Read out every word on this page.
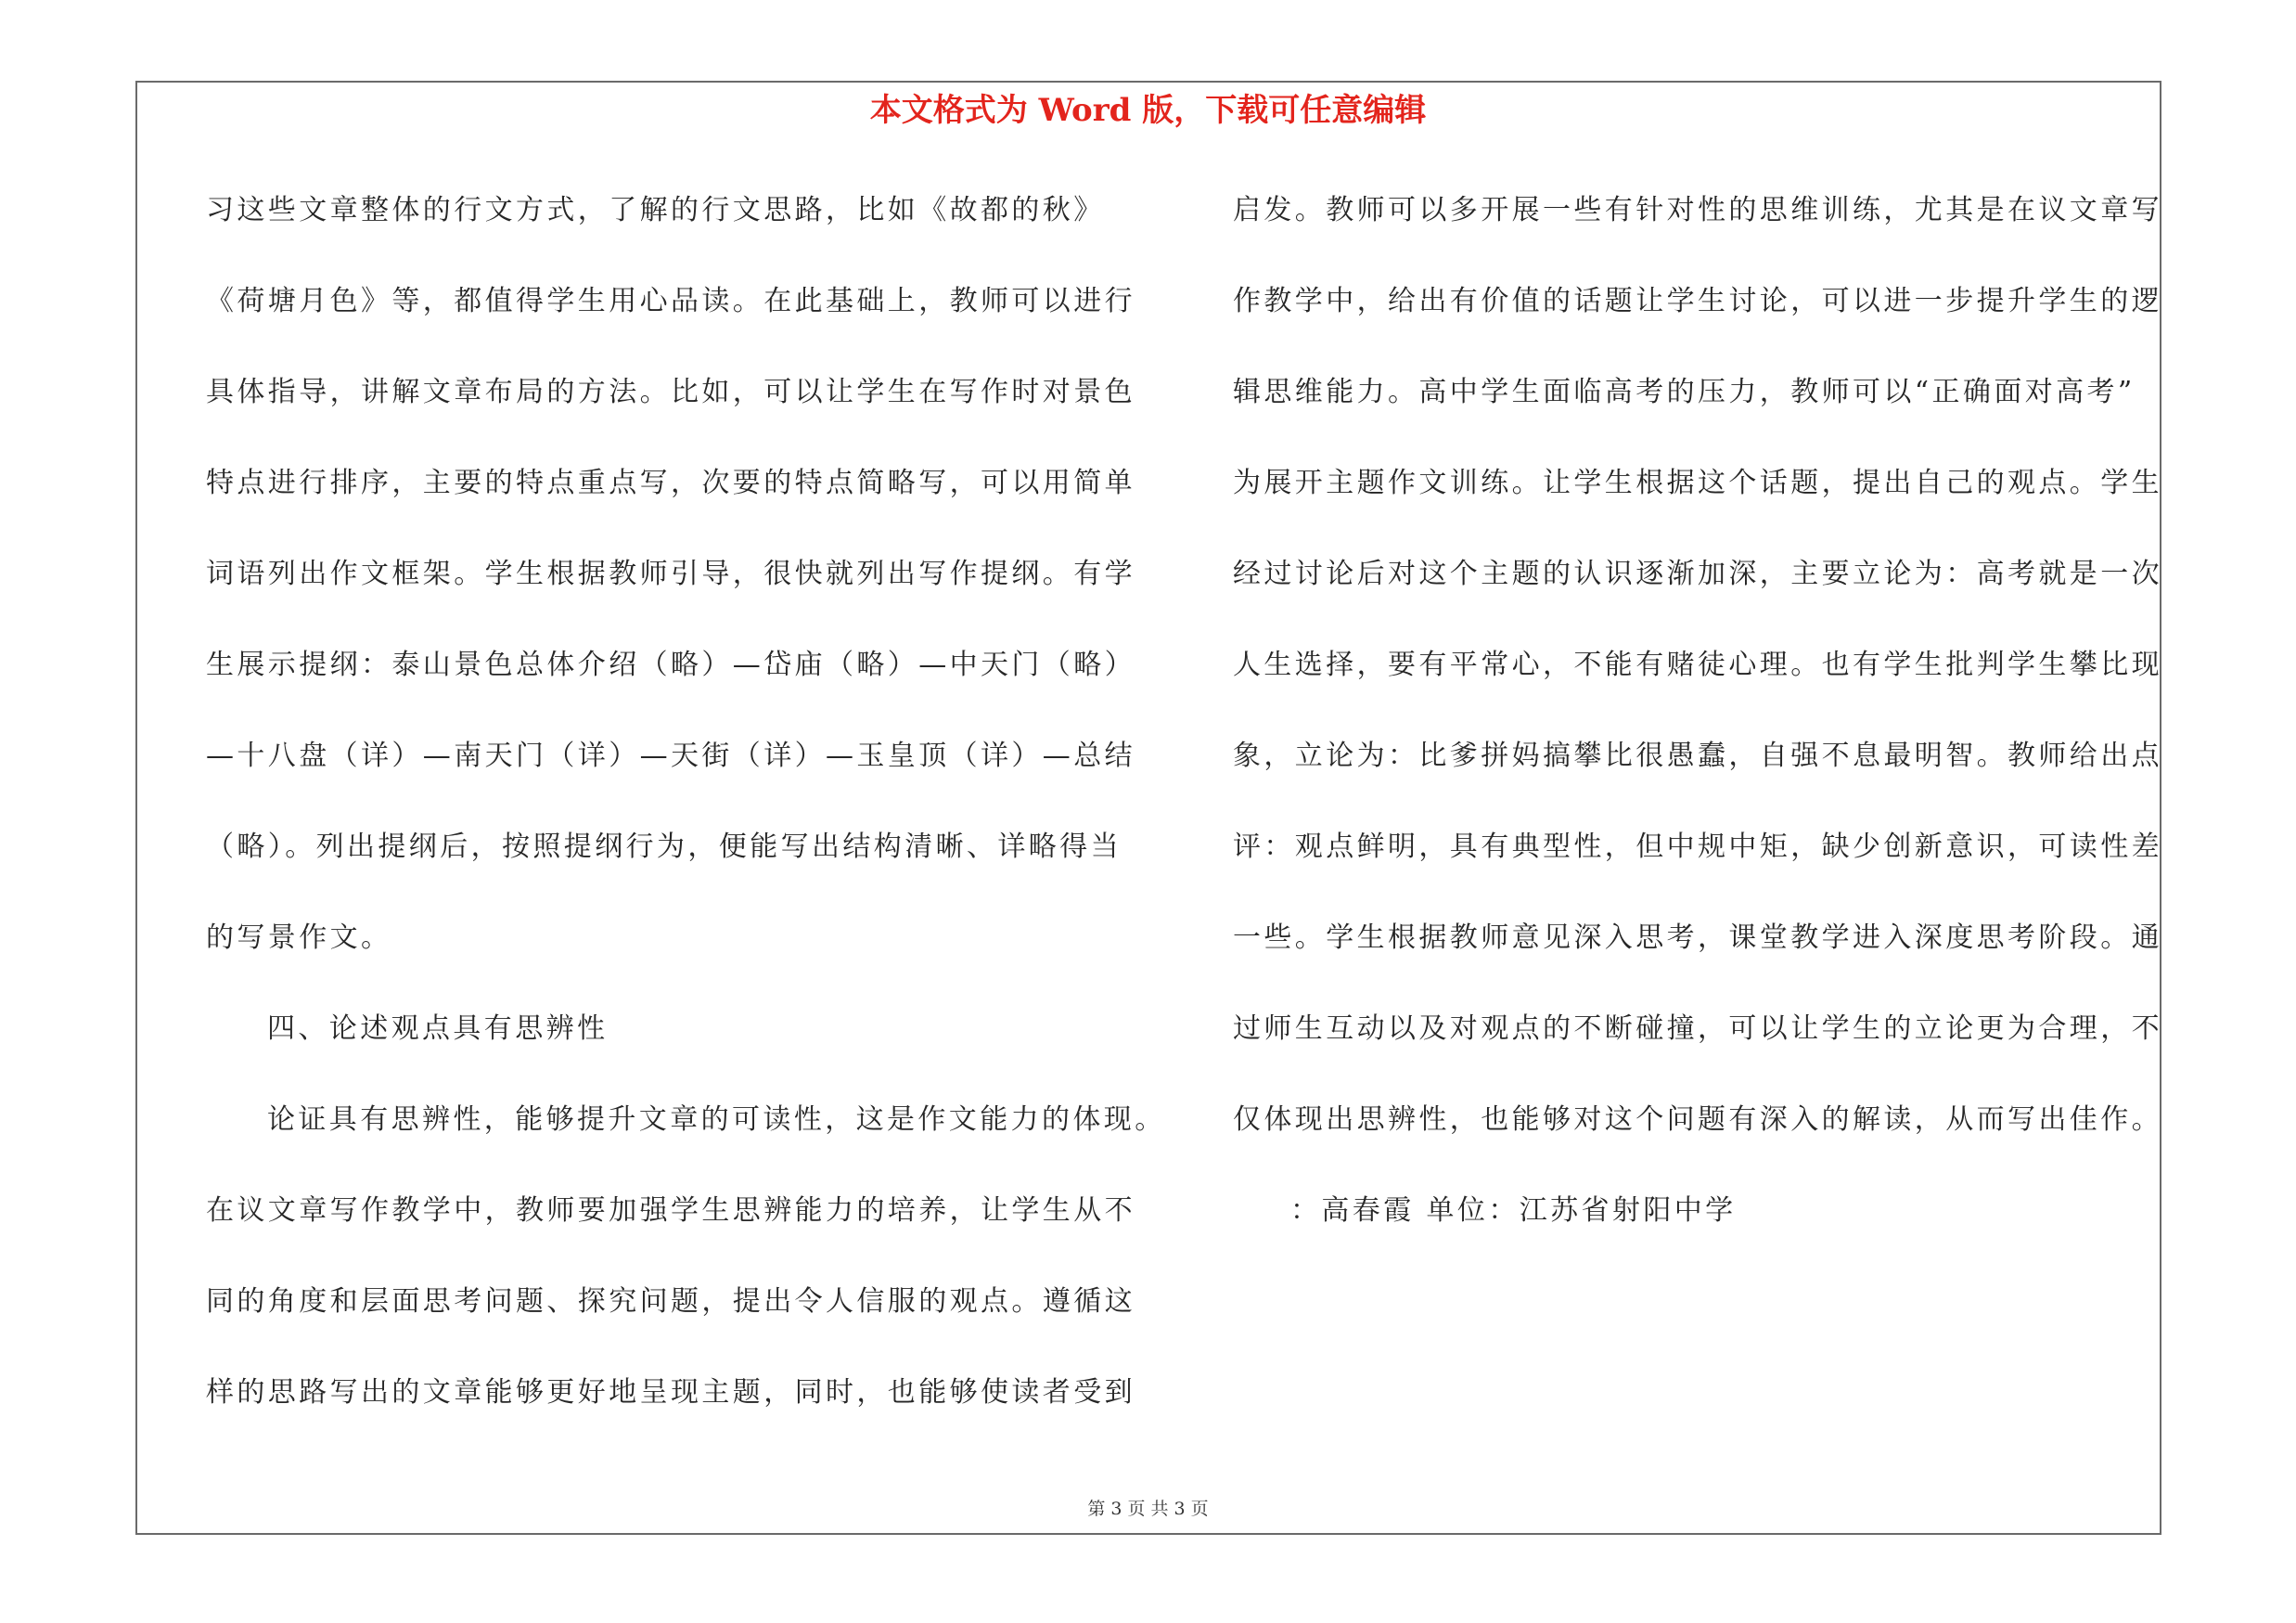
本文格式为 Word 版，下载可任意编辑
习这些文章整体的行文方式，了解的行文思路，比如《故都的秋》
《荷塘月色》等，都值得学生用心品读。在此基础上，教师可以进行
具体指导，讲解文章布局的方法。比如，可以让学生在写作时对景色
特点进行排序，主要的特点重点写，次要的特点简略写，可以用简单
词语列出作文框架。学生根据教师引导，很快就列出写作提纲。有学
生展示提纲：泰山景色总体介绍（略）—岱庙（略）—中天门（略）
—十八盘（详）—南天门（详）—天街（详）—玉皇顶（详）—总结
（略）。列出提纲后，按照提纲行为，便能写出结构清晰、详略得当
的写景作文。
四、论述观点具有思辨性
论证具有思辨性，能够提升文章的可读性，这是作文能力的体现。
在议文章写作教学中，教师要加强学生思辨能力的培养，让学生从不
同的角度和层面思考问题、探究问题，提出令人信服的观点。遵循这
样的思路写出的文章能够更好地呈现主题，同时，也能够使读者受到
启发。教师可以多开展一些有针对性的思维训练，尤其是在议文章写
作教学中，给出有价值的话题让学生讨论，可以进一步提升学生的逻
辑思维能力。高中学生面临高考的压力，教师可以“正确面对高考”
为展开主题作文训练。让学生根据这个话题，提出自己的观点。学生
经过讨论后对这个主题的认识逐渐加深，主要立论为：高考就是一次
人生选择，要有平常心，不能有赌徒心理。也有学生批判学生攀比现
象，立论为：比爹拼妈搞攀比很愚蠢，自强不息最明智。教师给出点
评：观点鲜明，具有典型性，但中规中矩，缺少创新意识，可读性差
一些。学生根据教师意见深入思考，课堂教学进入深度思考阶段。通
过师生互动以及对观点的不断碰撞，可以让学生的立论更为合理，不
仅体现出思辨性，也能够对这个问题有深入的解读，从而写出佳作。
：高春霞 单位：江苏省射阳中学
第 3 页 共 3 页
